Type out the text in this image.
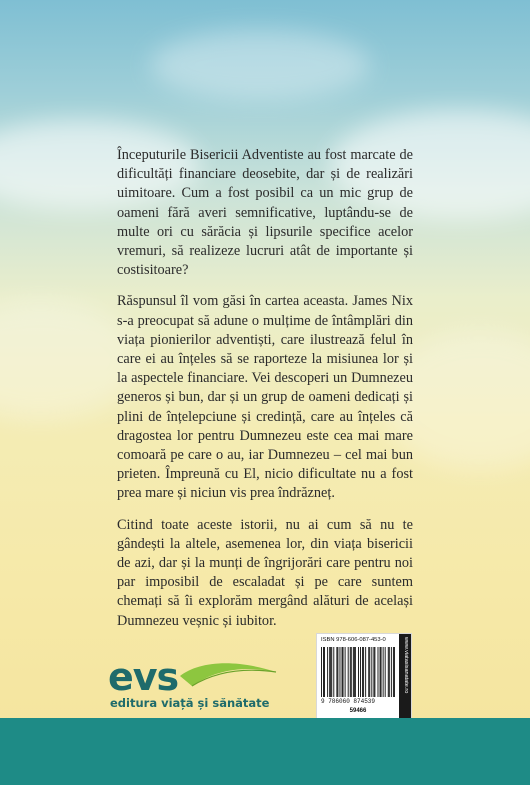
Începuturile Bisericii Adventiste au fost marcate de dificultăți financiare deosebite, dar și de realizări uimitoare. Cum a fost posibil ca un mic grup de oameni fără averi semnificative, luptându-se de multe ori cu sărăcia și lipsurile specifice acelor vremuri, să realizeze lucruri atât de importante și costisitoare?

Răspunsul îl vom găsi în cartea aceasta. James Nix s-a preocupat să adune o mulțime de întâmplări din viața pionierilor adventiști, care ilustrează felul în care ei au înțeles să se raporteze la misiunea lor și la aspectele financiare. Vei descoperi un Dumnezeu generos și bun, dar și un grup de oameni dedicați și plini de înțelepciune și credință, care au înțeles că dragostea lor pentru Dumnezeu este cea mai mare comoară pe care o au, iar Dumnezeu – cel mai bun prieten. Împreună cu El, nicio dificultate nu a fost prea mare și niciun vis prea îndrăzneț.

Citind toate aceste istorii, nu ai cum să nu te gândești la altele, asemenea lor, din viața bisericii de azi, dar și la munți de îngrijorări care pentru noi par imposibil de escaladat și pe care suntem chemați să îi explorăm mergând alături de același Dumnezeu veșnic și iubitor.

evs
editura viață și sănătate
ISBN 978-606-087-453-0
9 786060 874539
59466
www.viatasisanatate.ro
